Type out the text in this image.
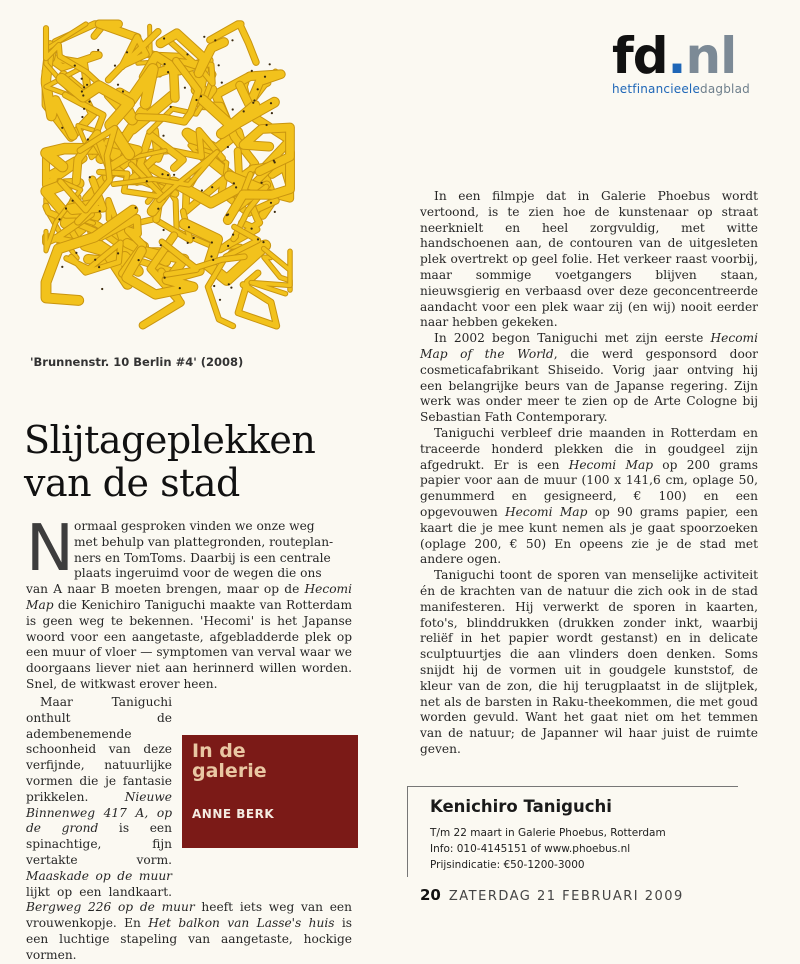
fd.nl
hetfinancieeledagblad
'Brunnenstr. 10 Berlin #4' (2008)
Slijtageplekken
van de stad
N ormaal gesproken vinden we onze weg
met behulp van plattegronden, routeplan-
ners en TomToms. Daarbij is een centrale
plaats ingeruimd voor de wegen die ons

van A naar B moeten brengen, maar op de Hecomi Map die Kenichiro Taniguchi maakte van Rotterdam is geen weg te bekennen. 'Hecomi' is het Japanse woord voor een aangetaste, afgebladderde plek op een muur of vloer — symptomen van verval waar we doorgaans liever niet aan herinnerd willen worden. Snel, de witkwast erover heen.

Maar Taniguchi onthult de adembenemende schoonheid van deze verfijnde, natuurlijke vormen die je fantasie prikkelen. Nieuwe Binnenweg 417 A, op de grond is een spinachtige, fijn vertakte vorm. Maaskade op de muur lijkt op een landkaart. Bergweg 226 op de muur heeft iets weg van een vrouwenkopje. En Het balkon van Lasse's huis is een luchtige stapeling van aangetaste, hockige vormen.

In de
galerie
ANNE BERK

In een filmpje dat in Galerie Phoebus wordt vertoond, is te zien hoe de kunstenaar op straat neerknielt en heel zorgvuldig, met witte handschoenen aan, de contouren van de uitgesleten plek overtrekt op geel folie. Het verkeer raast voorbij, maar sommige voetgangers blijven staan, nieuwsgierig en verbaasd over deze geconcentreerde aandacht voor een plek waar zij (en wij) nooit eerder naar hebben gekeken.

In 2002 begon Taniguchi met zijn eerste Hecomi Map of the World, die werd gesponsord door cosmeticafabrikant Shiseido. Vorig jaar ontving hij een belangrijke beurs van de Japanse regering. Zijn werk was onder meer te zien op de Arte Cologne bij Sebastian Fath Contemporary.

Taniguchi verbleef drie maanden in Rotterdam en traceerde honderd plekken die in goudgeel zijn afgedrukt. Er is een Hecomi Map op 200 grams papier voor aan de muur (100 x 141,6 cm, oplage 50, genummerd en gesigneerd, € 100) en een opgevouwen Hecomi Map op 90 grams papier, een kaart die je mee kunt nemen als je gaat spoorzoeken (oplage 200, € 50) En opeens zie je de stad met andere ogen.

Taniguchi toont de sporen van menselijke activiteit én de krachten van de natuur die zich ook in de stad manifesteren. Hij verwerkt de sporen in kaarten, foto's, blinddrukken (drukken zonder inkt, waarbij reliëf in het papier wordt gestanst) en in delicate sculptuurtjes die aan vlinders doen denken. Soms snijdt hij de vormen uit in goudgele kunststof, de kleur van de zon, die hij terugplaatst in de slijtplek, net als de barsten in Raku-theekommen, die met goud worden gevuld. Want het gaat niet om het temmen van de natuur; de Japanner wil haar juist de ruimte geven.

Kenichiro Taniguchi
T/m 22 maart in Galerie Phoebus, Rotterdam
Info: 010-4145151 of www.phoebus.nl
Prijsindicatie: €50-1200-3000
20 ZATERDAG 21 FEBRUARI 2009
